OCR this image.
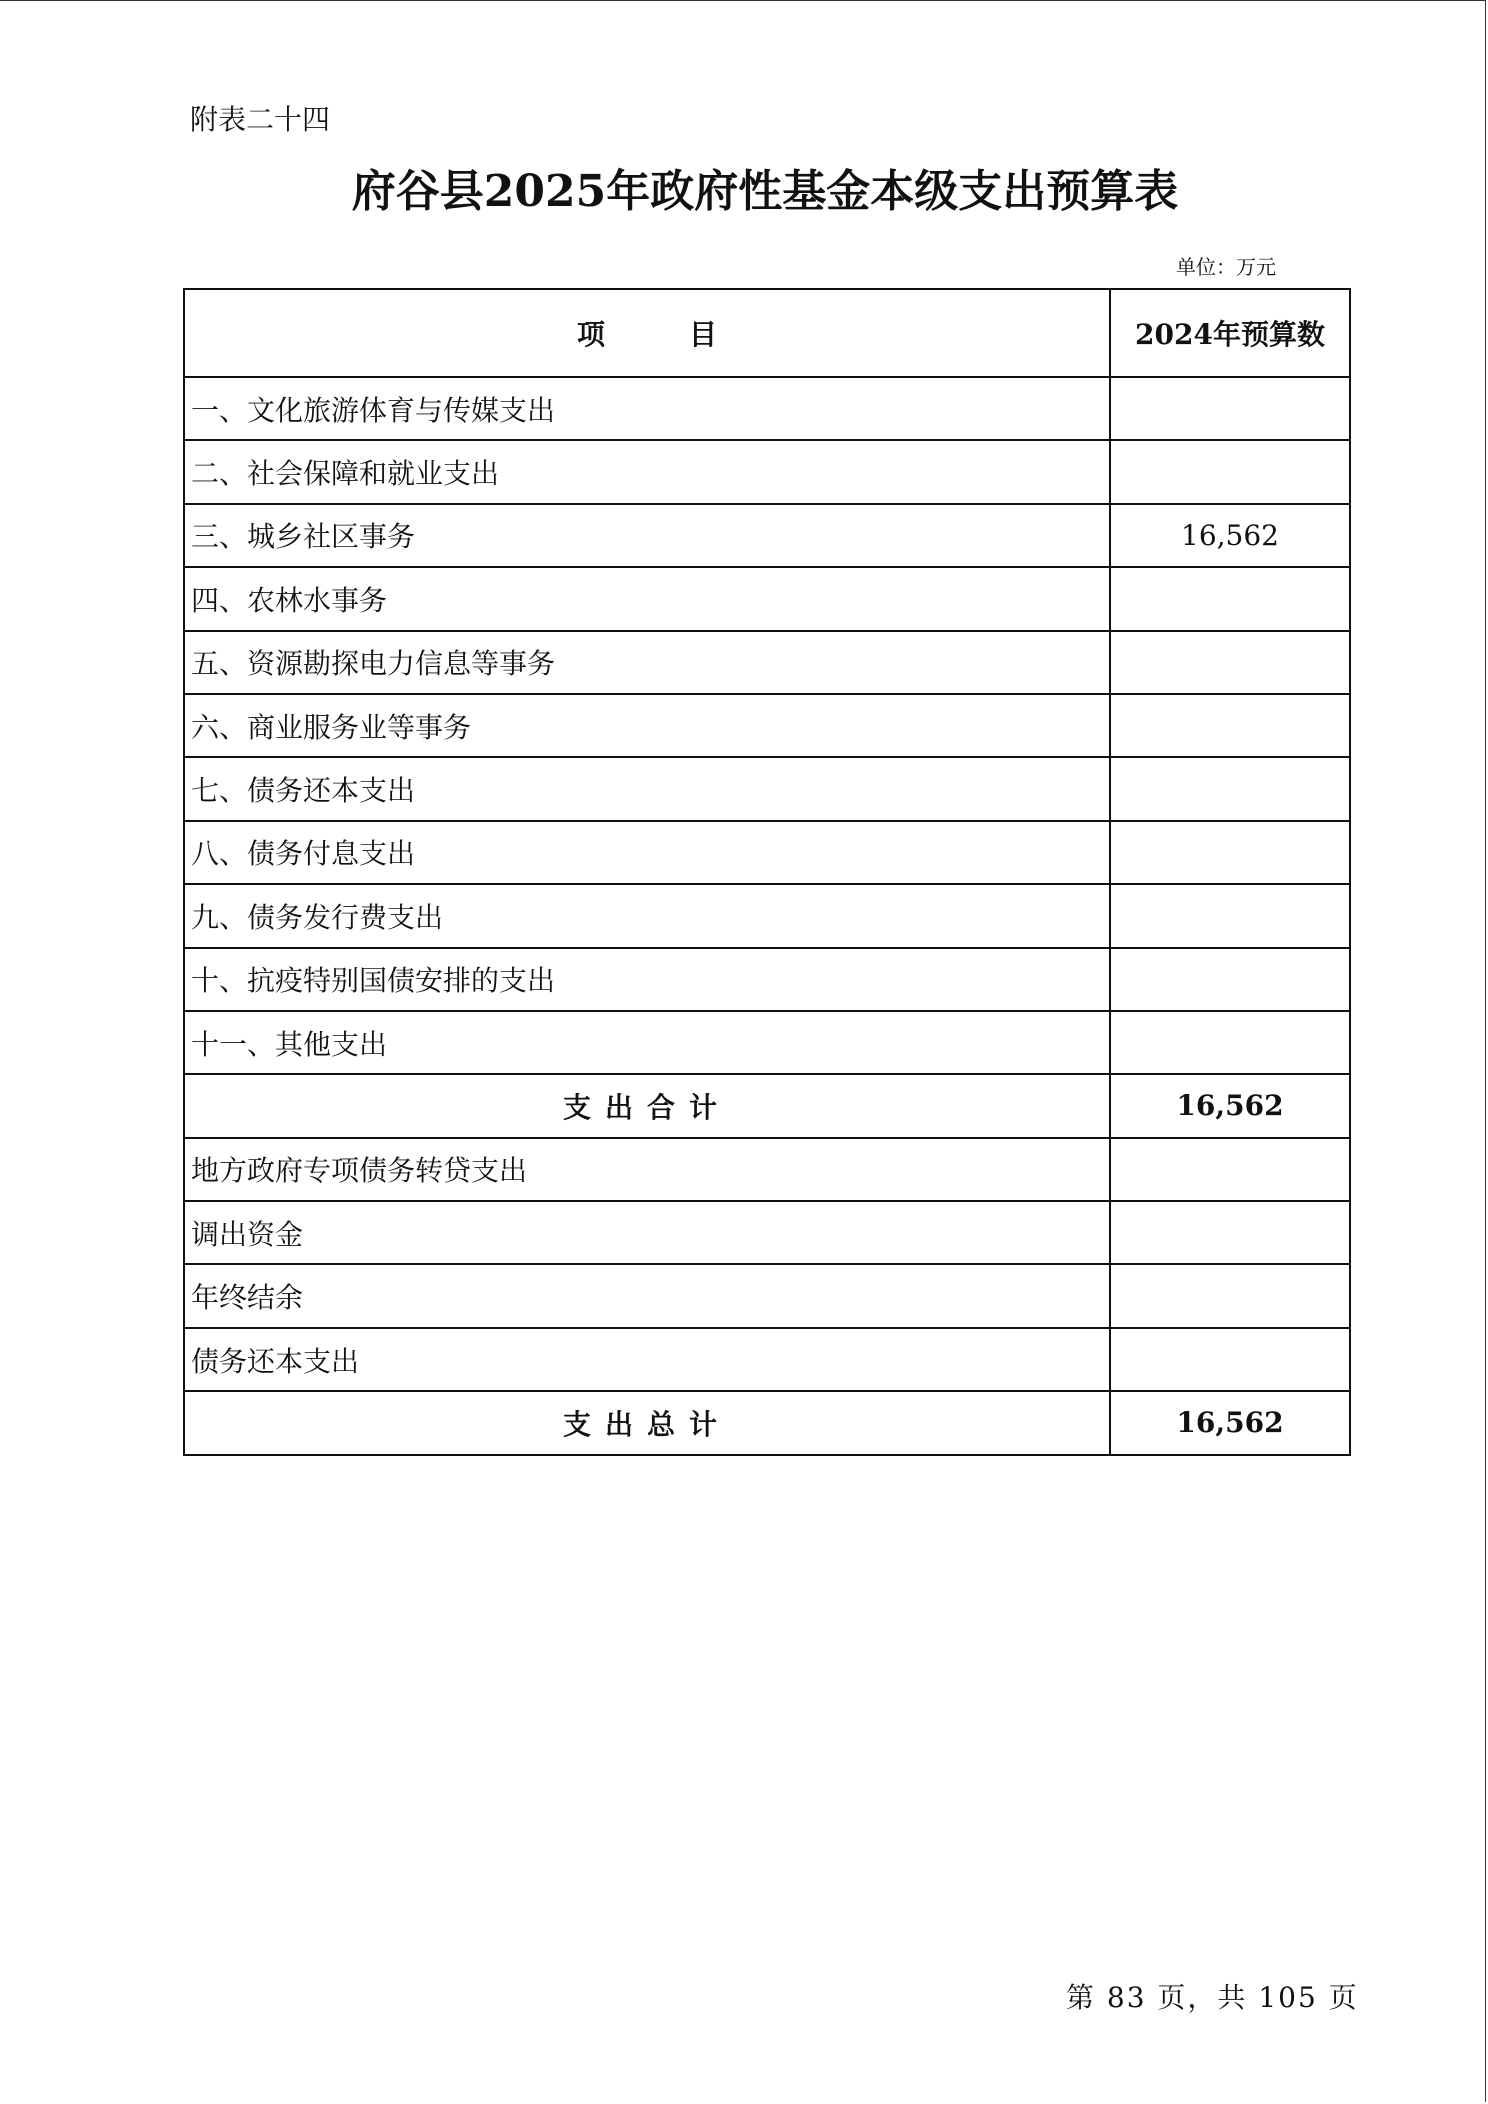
附表二十四
府谷县2025年政府性基金本级支出预算表
单位：万元
项　　　目	2024年预算数
一、文化旅游体育与传媒支出	
二、社会保障和就业支出	
三、城乡社区事务	16,562
四、农林水事务	
五、资源勘探电力信息等事务	
六、商业服务业等事务	
七、债务还本支出	
八、债务付息支出	
九、债务发行费支出	
十、抗疫特别国债安排的支出	
十一、其他支出	
支出合计	16,562
地方政府专项债务转贷支出	
调出资金	
年终结余	
债务还本支出	
支出总计	16,562
第 83 页，共 105 页
